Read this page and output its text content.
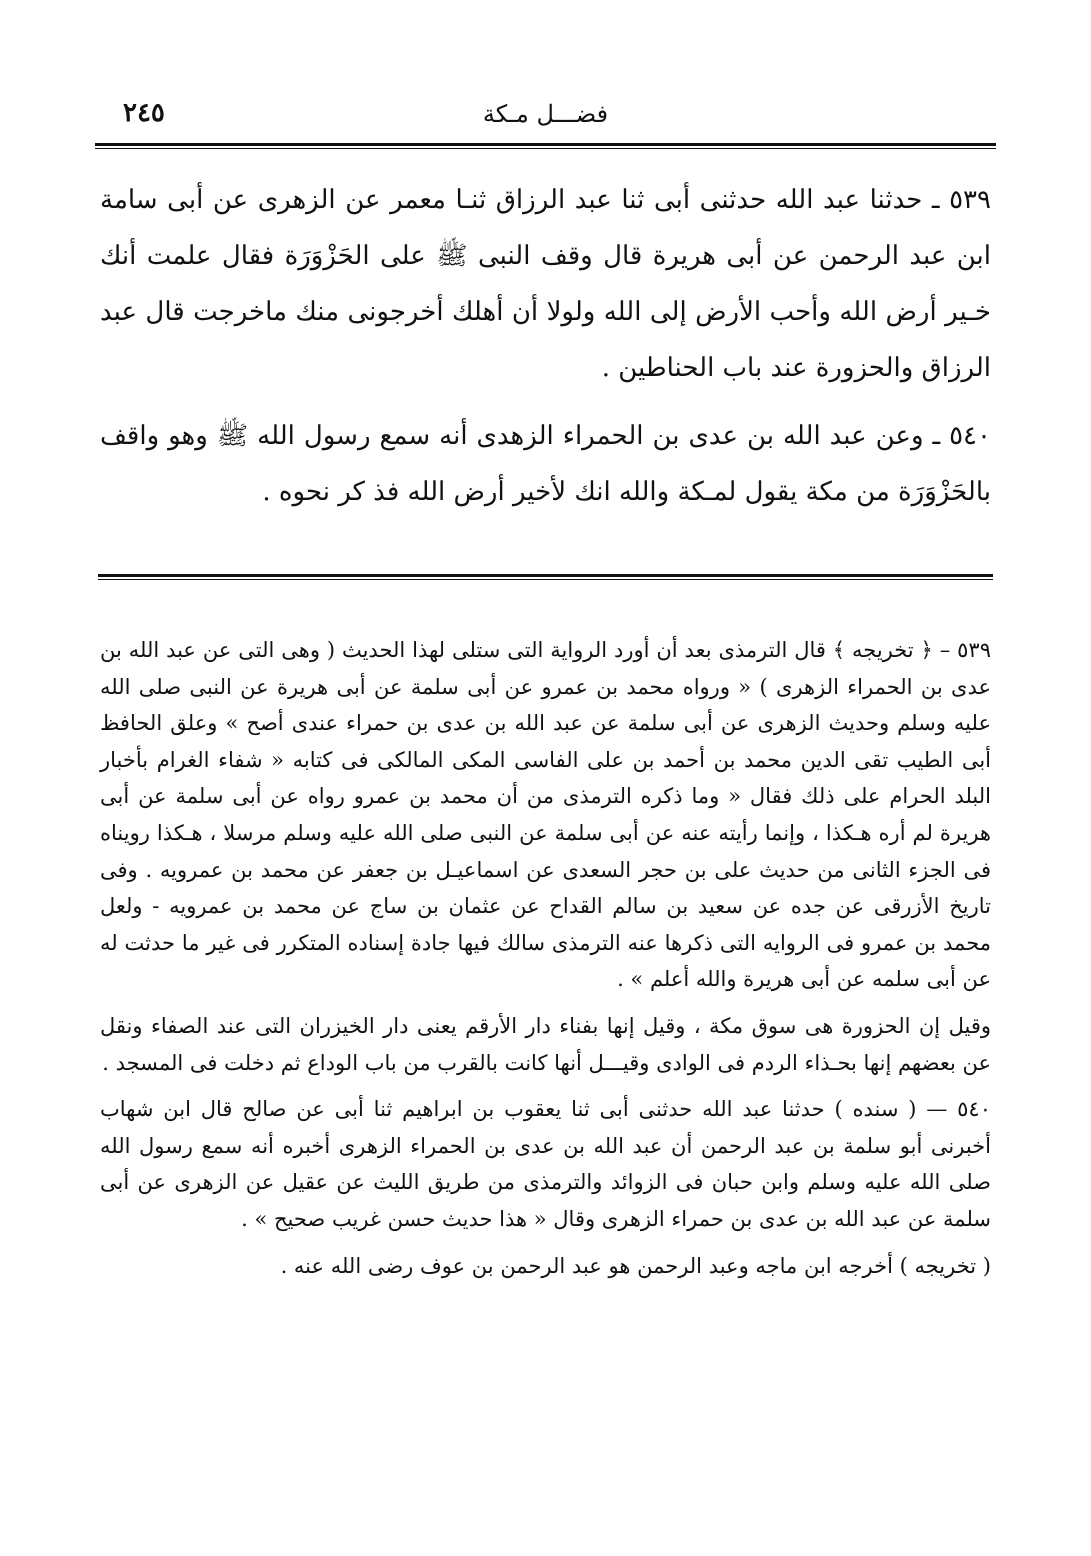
فضـــل مـكة
٢٤٥

٥٣٩ ـ حدثنا عبد الله حدثنى أبى ثنا عبد الرزاق ثنـا معمر عن الزهرى عن أبى سامة ابن عبد الرحمن عن أبى هريرة قال وقف النبى ﷺ على الحَزْوَرَة فقال علمت أنك خـير أرض الله وأحب الأرض إلى الله ولولا أن أهلك أخرجونى منك ماخرجت قال عبد الرزاق والحزورة عند باب الحناطين .

٥٤٠ ـ وعن عبد الله بن عدى بن الحمراء الزهدى أنه سمع رسول الله ﷺ وهو واقف بالحَزْوَرَة من مكة يقول لمـكة والله انك لأخير أرض الله فذ كر نحوه .

٥٣٩ – ﴿ تخريجه ﴾ قال الترمذى بعد أن أورد الرواية التى ستلى لهذا الحديث ( وهى التى عن عبد الله بن عدى بن الحمراء الزهرى ) « ورواه محمد بن عمرو عن أبى سلمة عن أبى هريرة عن النبى صلى الله عليه وسلم وحديث الزهرى عن أبى سلمة عن عبد الله بن عدى بن حمراء عندى أصح » وعلق الحافظ أبى الطيب تقى الدين محمد بن أحمد بن على الفاسى المكى المالكى فى كتابه « شفاء الغرام بأخبار البلد الحرام على ذلك فقال « وما ذكره الترمذى من أن محمد بن عمرو رواه عن أبى سلمة عن أبى هريرة لم أره هـكذا ، وإنما رأيته عنه عن أبى سلمة عن النبى صلى الله عليه وسلم مرسلا ، هـكذا رويناه فى الجزء الثانى من حديث على بن حجر السعدى عن اسماعيـل بن جعفر عن محمد بن عمرويه . وفى تاريخ الأزرقى عن جده عن سعيد بن سالم القداح عن عثمان بن ساج عن محمد بن عمرويه - ولعل محمد بن عمرو فى الروايه التى ذكرها عنه الترمذى سالك فيها جادة إسناده المتكرر فى غير ما حدثت له عن أبى سلمه عن أبى هريرة والله أعلم » .

وقيل إن الحزورة هى سوق مكة ، وقيل إنها بفناء دار الأرقم يعنى دار الخيزران التى عند الصفاء ونقل عن بعضهم إنها بحـذاء الردم فى الوادى وقيـــل أنها كانت بالقرب من باب الوداع ثم دخلت فى المسجد .

٥٤٠ — ( سنده ) حدثنا عبد الله حدثنى أبى ثنا يعقوب بن ابراهيم ثنا أبى عن صالح قال ابن شهاب أخبرنى أبو سلمة بن عبد الرحمن أن عبد الله بن عدى بن الحمراء الزهرى أخبره أنه سمع رسول الله صلى الله عليه وسلم وابن حبان فى الزوائد والترمذى من طريق الليث عن عقيل عن الزهرى عن أبى سلمة عن عبد الله بن عدى بن حمراء الزهرى وقال « هذا حديث حسن غريب صحيح » .

( تخريجه ) أخرجه ابن ماجه وعبد الرحمن هو عبد الرحمن بن عوف رضى الله عنه .
